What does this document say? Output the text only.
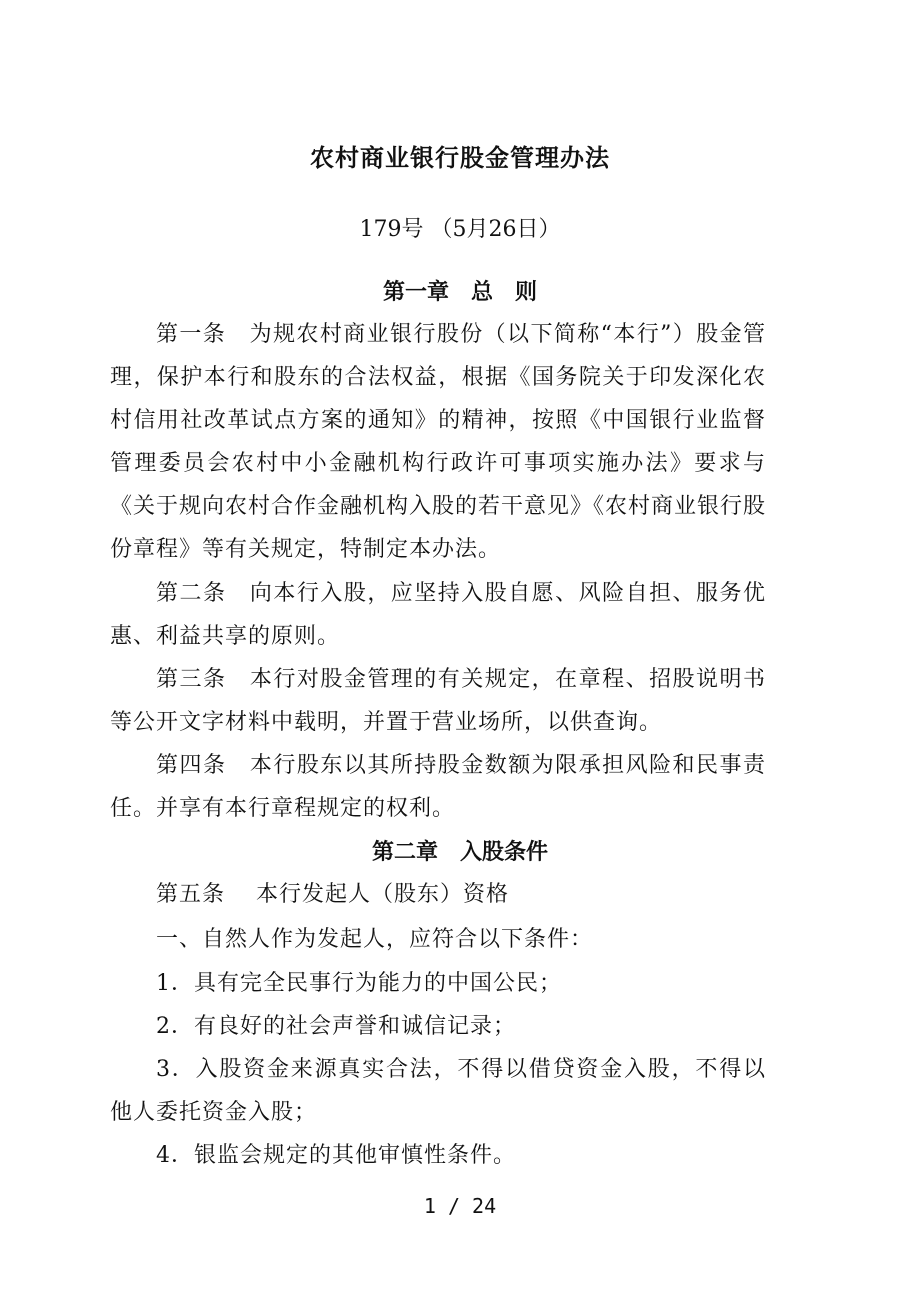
农村商业银行股金管理办法
179号 （5月26日）
第一章　总　则
第一条　为规农村商业银行股份（以下简称“本行”）股金管理，保护本行和股东的合法权益，根据《国务院关于印发深化农村信用社改革试点方案的通知》的精神，按照《中国银行业监督管理委员会农村中小金融机构行政许可事项实施办法》要求与《关于规向农村合作金融机构入股的若干意见》《农村商业银行股份章程》等有关规定，特制定本办法。
第二条　向本行入股，应坚持入股自愿、风险自担、服务优惠、利益共享的原则。
第三条　本行对股金管理的有关规定，在章程、招股说明书等公开文字材料中载明，并置于营业场所，以供查询。
第四条　本行股东以其所持股金数额为限承担风险和民事责任。并享有本行章程规定的权利。
第二章　入股条件
第五条　 本行发起人（股东）资格
一、自然人作为发起人，应符合以下条件：
1．具有完全民事行为能力的中国公民；
2．有良好的社会声誉和诚信记录；
3．入股资金来源真实合法，不得以借贷资金入股，不得以他人委托资金入股；
4．银监会规定的其他审慎性条件。
1 / 24
